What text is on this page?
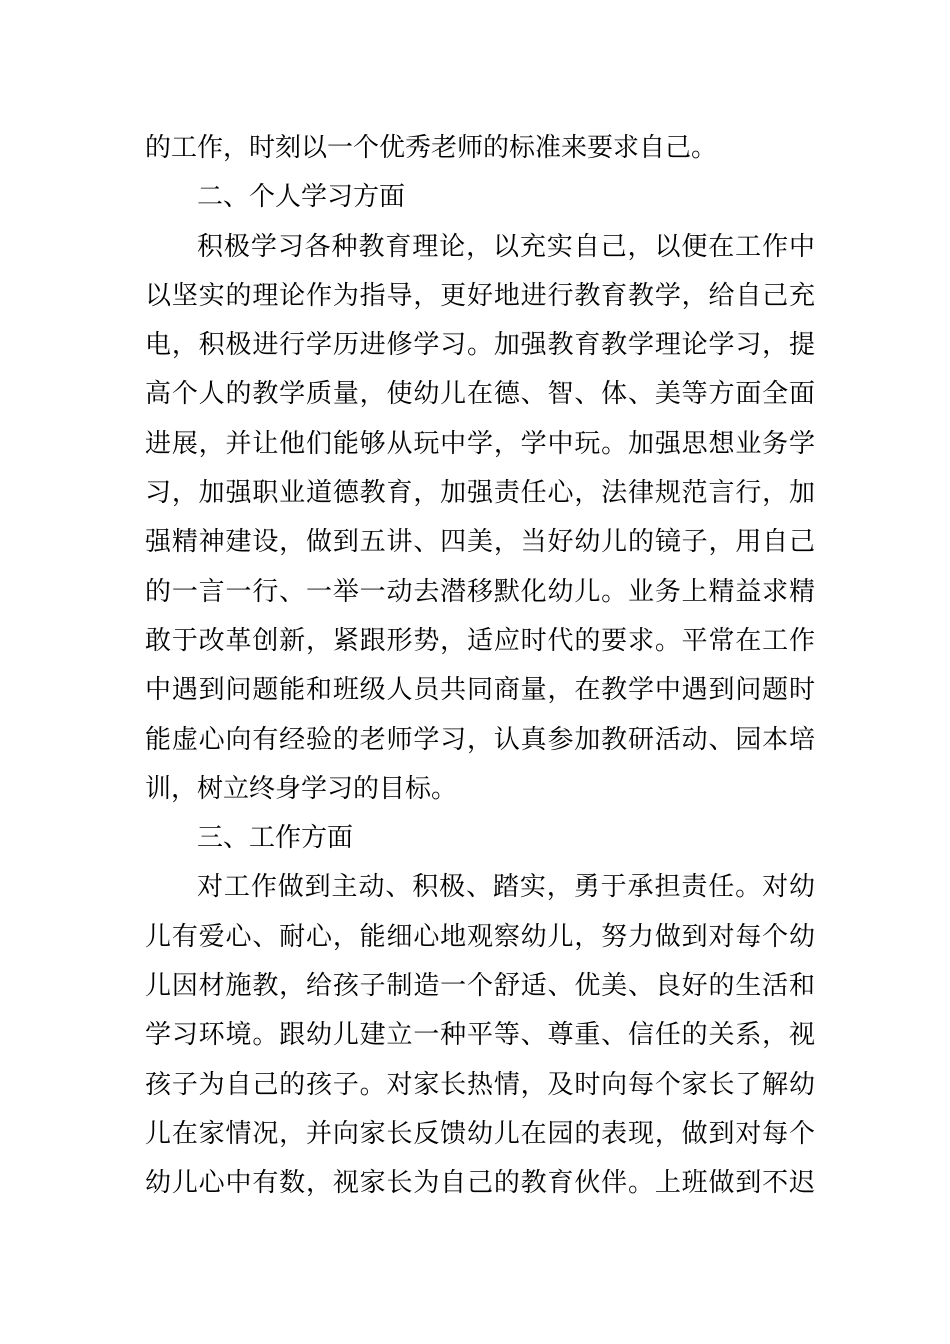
的工作，时刻以一个优秀老师的标准来要求自己。
二、个人学习方面
积极学习各种教育理论，以充实自己，以便在工作中
以坚实的理论作为指导，更好地进行教育教学，给自己充
电，积极进行学历进修学习。加强教育教学理论学习，提
高个人的教学质量，使幼儿在德、智、体、美等方面全面
进展，并让他们能够从玩中学，学中玩。加强思想业务学
习，加强职业道德教育，加强责任心，法律规范言行，加
强精神建设，做到五讲、四美，当好幼儿的镜子，用自己
的一言一行、一举一动去潜移默化幼儿。业务上精益求精
敢于改革创新，紧跟形势，适应时代的要求。平常在工作
中遇到问题能和班级人员共同商量，在教学中遇到问题时
能虚心向有经验的老师学习，认真参加教研活动、园本培
训，树立终身学习的目标。
三、工作方面
对工作做到主动、积极、踏实，勇于承担责任。对幼
儿有爱心、耐心，能细心地观察幼儿，努力做到对每个幼
儿因材施教，给孩子制造一个舒适、优美、良好的生活和
学习环境。跟幼儿建立一种平等、尊重、信任的关系，视
孩子为自己的孩子。对家长热情，及时向每个家长了解幼
儿在家情况，并向家长反馈幼儿在园的表现，做到对每个
幼儿心中有数，视家长为自己的教育伙伴。上班做到不迟
